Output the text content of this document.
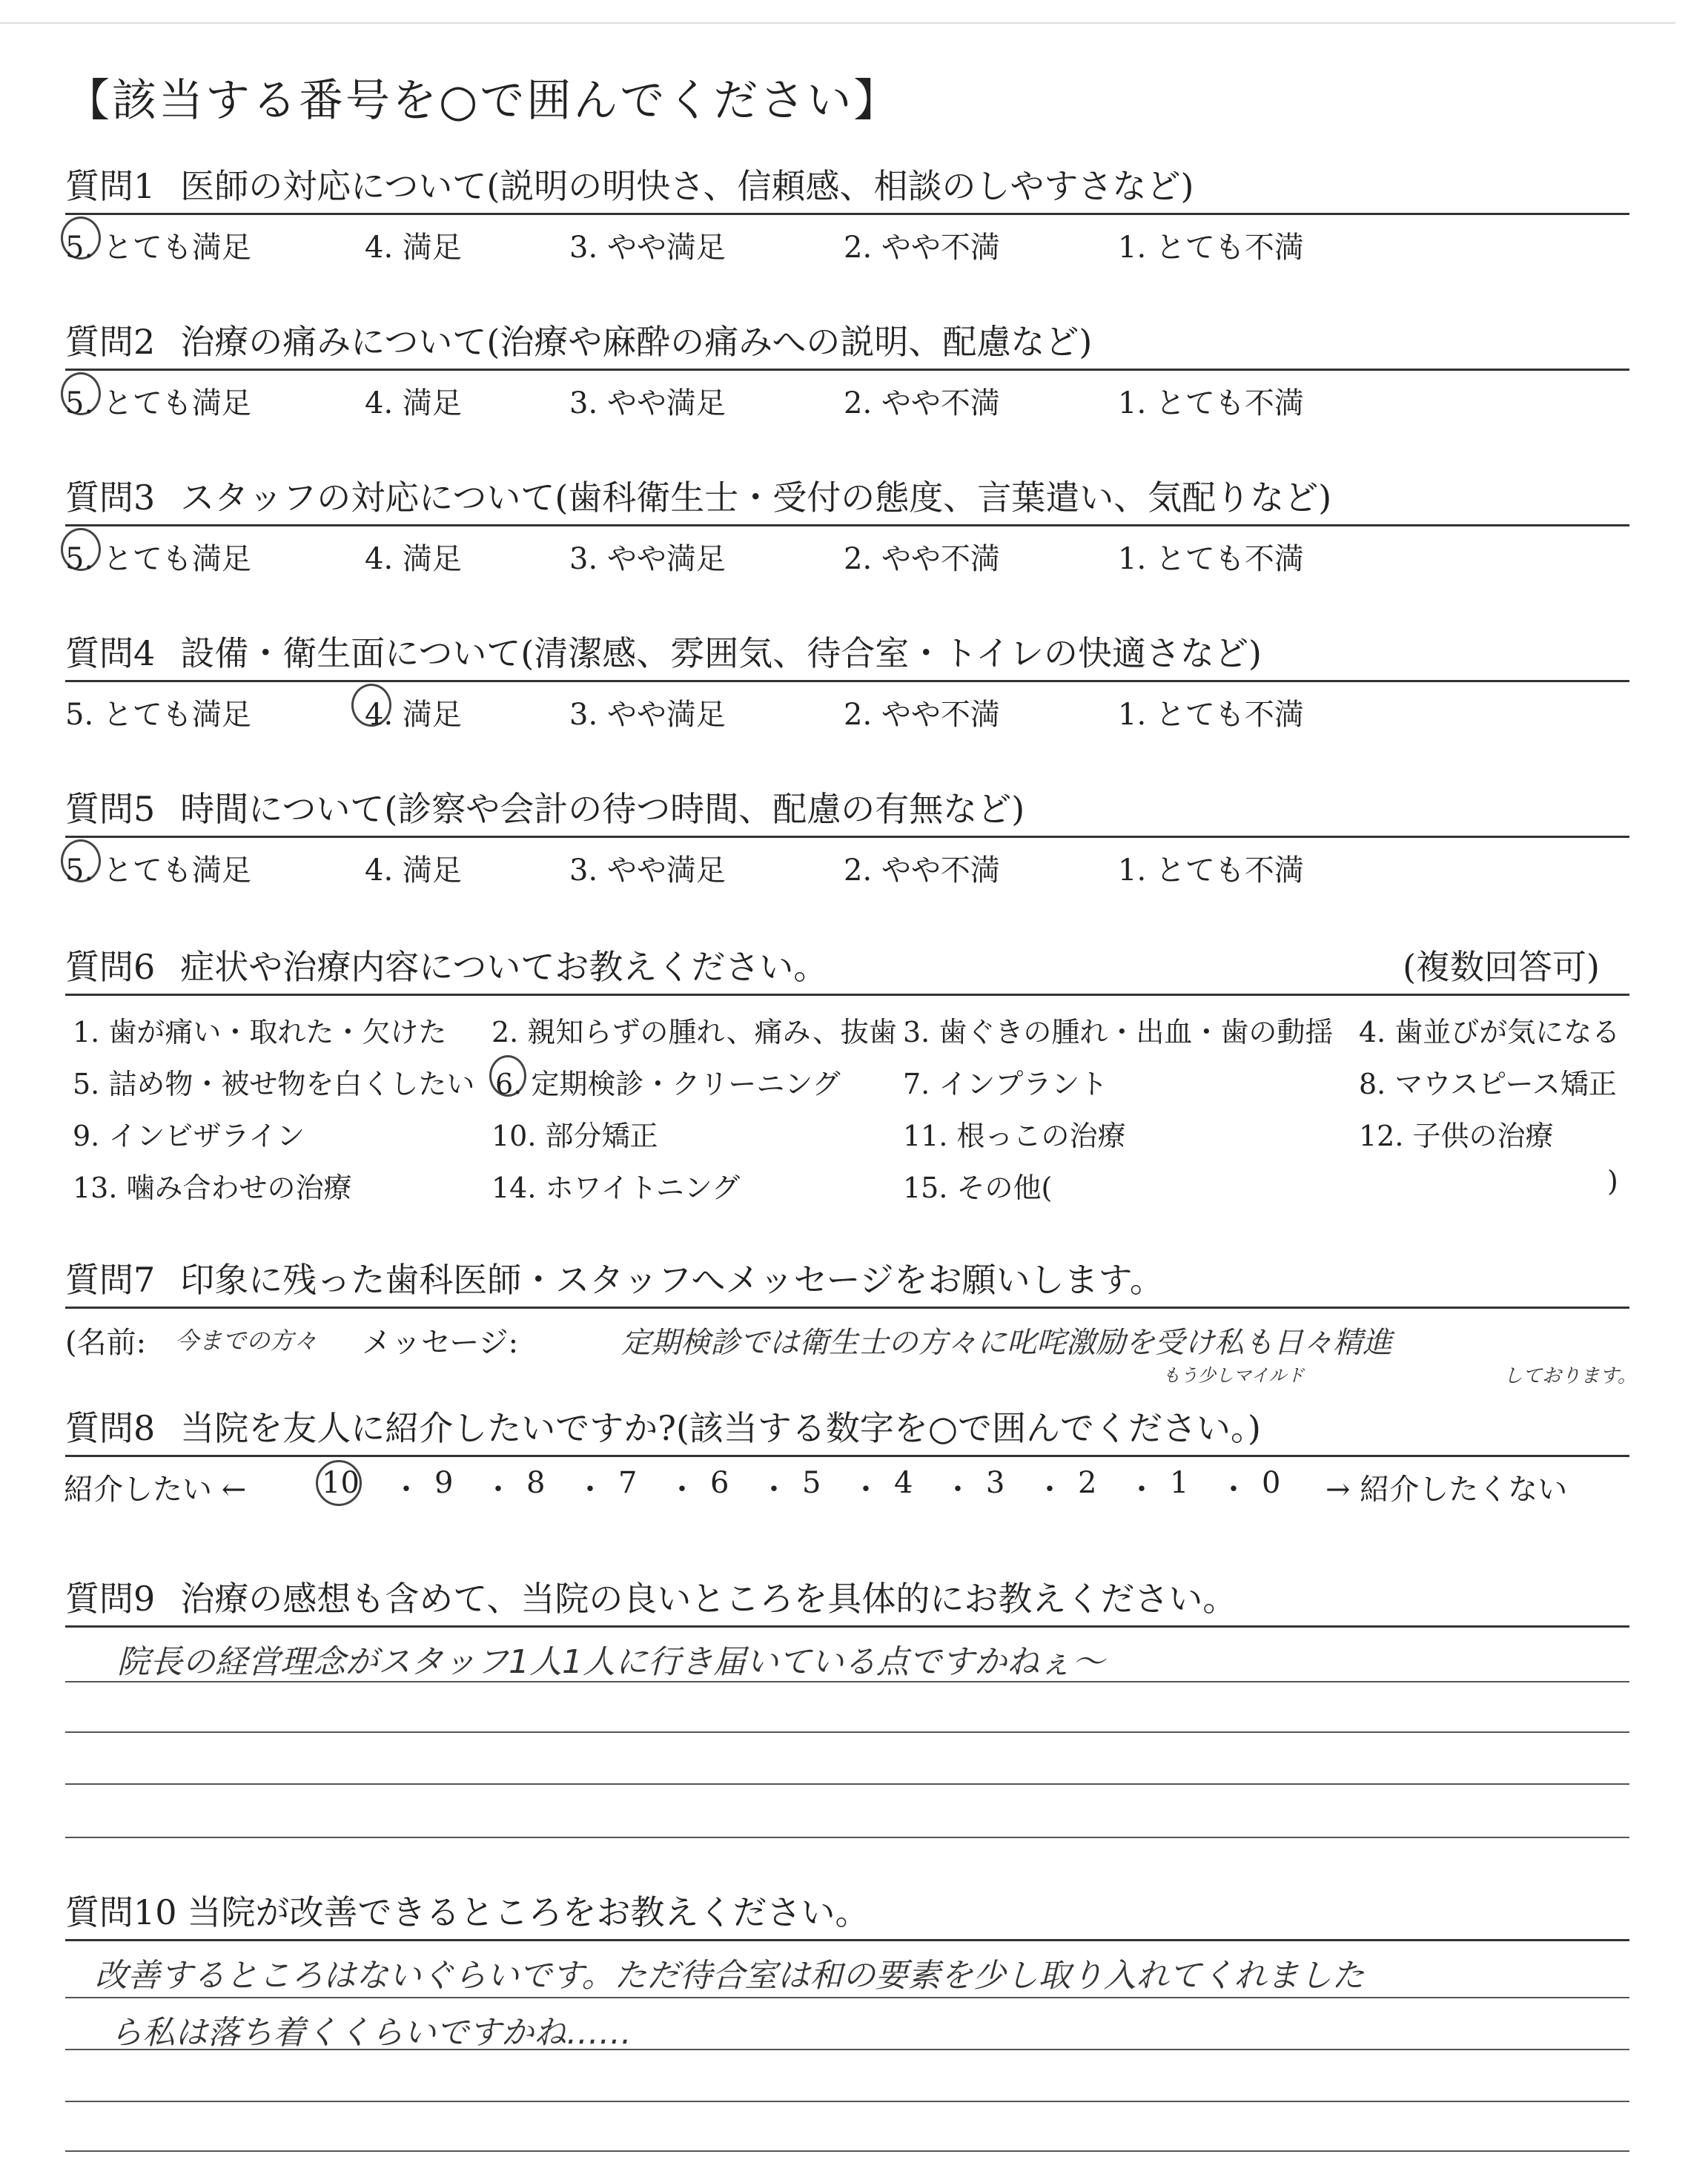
【該当する番号を○で囲んでください】
質問1 医師の対応について(説明の明快さ、信頼感、相談のしやすさなど)
5. とても満足	4. 満足	3. やや満足	2. やや不満	1. とても不満
質問2 治療の痛みについて(治療や麻酔の痛みへの説明、配慮など)
5. とても満足	4. 満足	3. やや満足	2. やや不満	1. とても不満
質問3 スタッフの対応について(歯科衛生士・受付の態度、言葉遣い、気配りなど)
5. とても満足	4. 満足	3. やや満足	2. やや不満	1. とても不満
質問4 設備・衛生面について(清潔感、雰囲気、待合室・トイレの快適さなど)
5. とても満足	4. 満足	3. やや満足	2. やや不満	1. とても不満
質問5 時間について(診察や会計の待つ時間、配慮の有無など)
5. とても満足	4. 満足	3. やや満足	2. やや不満	1. とても不満
質問6 症状や治療内容についてお教えください。	(複数回答可)
1. 歯が痛い・取れた・欠けた 2. 親知らずの腫れ、痛み、抜歯 3. 歯ぐきの腫れ・出血・歯の動揺 4. 歯並びが気になる
5. 詰め物・被せ物を白くしたい 6. 定期検診・クリーニング 7. インプラント	8. マウスピース矯正
9. インビザライン	10. 部分矯正	11. 根っこの治療	12. 子供の治療
13. 噛み合わせの治療	14. ホワイトニング	15. その他(	)
質問7 印象に残った歯科医師・スタッフへメッセージをお願いします。
(名前: 今までの方々 メッセージ:	定期検診では衛生士の方々に叱咤激励を受け私も日々精進
もう少しマイルド	しております。
質問8 当院を友人に紹介したいですか?(該当する数字を○で囲んでください。)
紹介したい ←	10 ・ 9 ・ 8 ・ 7 ・ 6 ・ 5 ・ 4 ・ 3 ・ 2 ・ 1 ・ 0 → 紹介したくない
質問9 治療の感想も含めて、当院の良いところを具体的にお教えください。
院長の経営理念がスタッフ1人1人に行き届いている点ですかねぇ〜
質問10 当院が改善できるところをお教えください。
改善するところはないぐらいです。ただ待合室は和の要素を少し取り入れてくれました
ら私は落ち着くくらいですかね……
